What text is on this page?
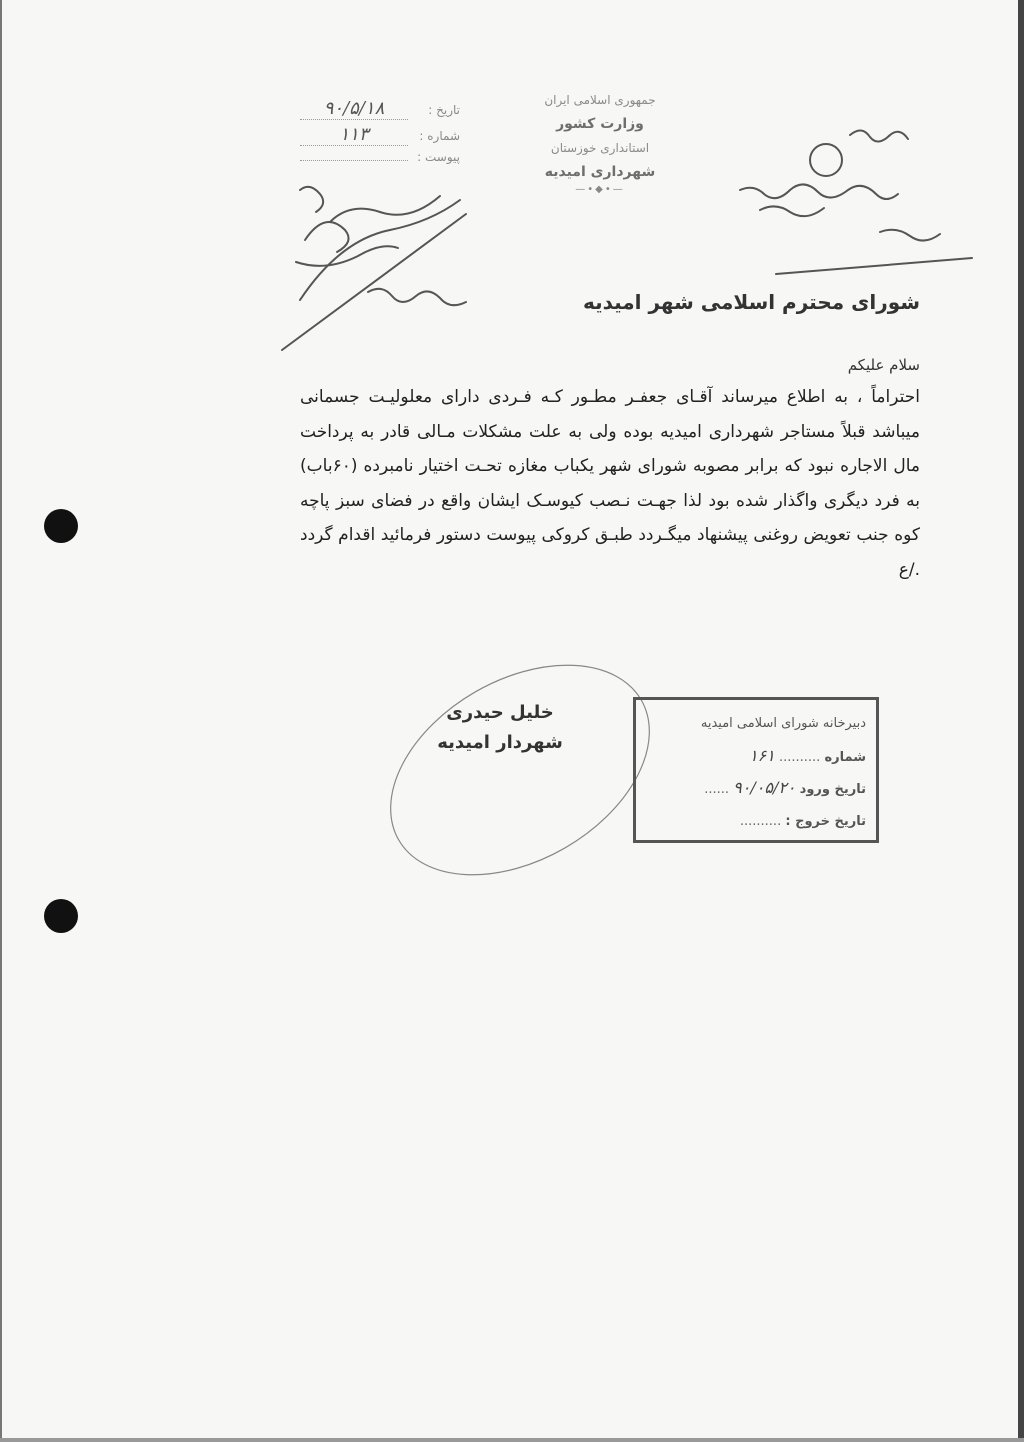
جمهوری اسلامی ایران
وزارت کشور
استانداری خوزستان
شهرداری امیدیه
—•◆•—
تاریخ :
۹۰/۵/۱۸
شماره :
۱۱۳
پیوست :
شورای محترم اسلامی شهر امیدیه
سلام علیکم
احتراماً ، به اطلاع میرساند آقـای جعفـر مطـور کـه فـردی دارای معلولیـت جسمانی میباشد قبلاً مستاجر شهرداری امیدیه بوده ولی به علت مشکلات مـالی قادر به پرداخت مال الاجاره نبود که برابر مصوبه شورای شهر یکباب مغازه تحـت اختیار نامبرده (۶۰باب) به فرد دیگری واگذار شده بود لذا جهـت نـصب کیوسـک ایشان واقع در فضای سبز پاچه کوه جنب تعویض روغنی پیشنهاد میگـردد طبـق کروکی پیوست دستور فرمائید اقدام گردد ./ع
خلیل حیدری
شهردار امیدیه
دبیرخانه شورای اسلامی امیدیه
شماره .......... ۱۶۱
تاریخ ورود ۹۰/۰۵/۲۰ ......
تاریخ خروج : ..........
